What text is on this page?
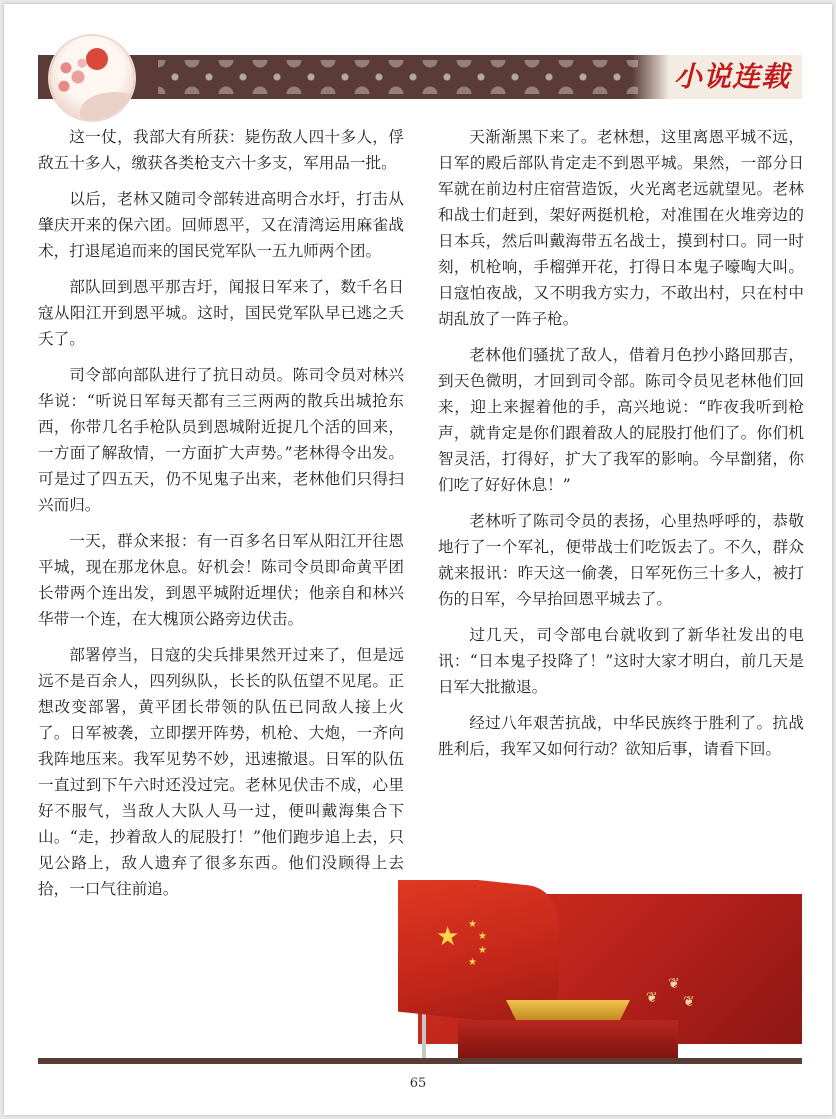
小说连载

这一仗，我部大有所获：毙伤敌人四十多人，俘敌五十多人，缴获各类枪支六十多支，军用品一批。

以后，老林又随司令部转进高明合水圩，打击从肇庆开来的保六团。回师恩平，又在清湾运用麻雀战术，打退尾追而来的国民党军队一五九师两个团。

部队回到恩平那吉圩，闻报日军来了，数千名日寇从阳江开到恩平城。这时，国民党军队早已逃之夭夭了。

司令部向部队进行了抗日动员。陈司令员对林兴华说：“听说日军每天都有三三两两的散兵出城抢东西，你带几名手枪队员到恩城附近捉几个活的回来，一方面了解敌情，一方面扩大声势。”老林得令出发。可是过了四五天，仍不见鬼子出来，老林他们只得扫兴而归。

一天，群众来报：有一百多名日军从阳江开往恩平城，现在那龙休息。好机会！陈司令员即命黄平团长带两个连出发，到恩平城附近埋伏；他亲自和林兴华带一个连，在大槐顶公路旁边伏击。

部署停当，日寇的尖兵排果然开过来了，但是远远不是百余人，四列纵队，长长的队伍望不见尾。正想改变部署，黄平团长带领的队伍已同敌人接上火了。日军被袭，立即摆开阵势，机枪、大炮，一齐向我阵地压来。我军见势不妙，迅速撤退。日军的队伍一直过到下午六时还没过完。老林见伏击不成，心里好不服气，当敌人大队人马一过，便叫戴海集合下山。“走，抄着敌人的屁股打！”他们跑步追上去，只见公路上，敌人遗弃了很多东西。他们没顾得上去拾，一口气往前追。

天渐渐黑下来了。老林想，这里离恩平城不远，日军的殿后部队肯定走不到恩平城。果然，一部分日军就在前边村庄宿营造饭，火光离老远就望见。老林和战士们赶到，架好两挺机枪，对准围在火堆旁边的日本兵，然后叫戴海带五名战士，摸到村口。同一时刻，机枪响，手榴弹开花，打得日本鬼子嚎啕大叫。日寇怕夜战，又不明我方实力，不敢出村，只在村中胡乱放了一阵子枪。

老林他们骚扰了敌人，借着月色抄小路回那吉，到天色微明，才回到司令部。陈司令员见老林他们回来，迎上来握着他的手，高兴地说：“昨夜我听到枪声，就肯定是你们跟着敌人的屁股打他们了。你们机智灵活，打得好，扩大了我军的影响。今早劏猪，你们吃了好好休息！”

老林听了陈司令员的表扬，心里热呼呼的，恭敬地行了一个军礼，便带战士们吃饭去了。不久，群众就来报讯：昨天这一偷袭，日军死伤三十多人，被打伤的日军，今早抬回恩平城去了。

过几天，司令部电台就收到了新华社发出的电讯：“日本鬼子投降了！”这时大家才明白，前几天是日军大批撤退。

经过八年艰苦抗战，中华民族终于胜利了。抗战胜利后，我军又如何行动？欲知后事，请看下回。

★ ★
★
★
★
❦
❦ ❦
65
